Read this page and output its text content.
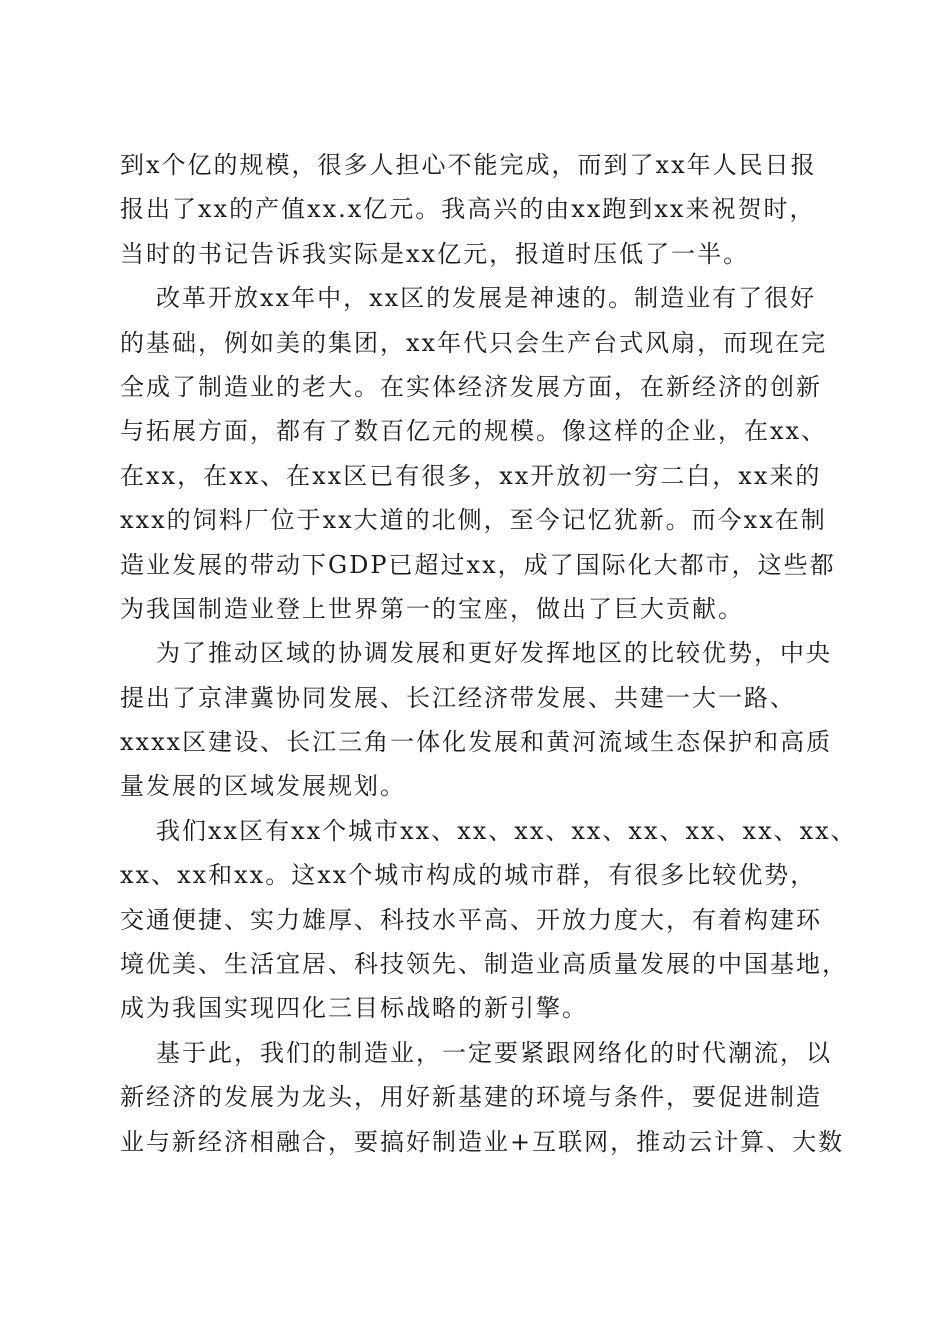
到x个亿的规模，很多人担心不能完成，而到了xx年人民日报
报出了xx的产值xx.x亿元。我高兴的由xx跑到xx来祝贺时，
当时的书记告诉我实际是xx亿元，报道时压低了一半。

改革开放xx年中，xx区的发展是神速的。制造业有了很好
的基础，例如美的集团，xx年代只会生产台式风扇，而现在完
全成了制造业的老大。在实体经济发展方面，在新经济的创新
与拓展方面，都有了数百亿元的规模。像这样的企业，在xx、
在xx，在xx、在xx区已有很多，xx开放初一穷二白，xx来的
xxx的饲料厂位于xx大道的北侧，至今记忆犹新。而今xx在制
造业发展的带动下GDP已超过xx，成了国际化大都市，这些都
为我国制造业登上世界第一的宝座，做出了巨大贡献。

为了推动区域的协调发展和更好发挥地区的比较优势，中央
提出了京津冀协同发展、长江经济带发展、共建一大一路、
xxxx区建设、长江三角一体化发展和黄河流域生态保护和高质
量发展的区域发展规划。

我们xx区有xx个城市xx、xx、xx、xx、xx、xx、xx、xx、
xx、xx和xx。这xx个城市构成的城市群，有很多比较优势，
交通便捷、实力雄厚、科技水平高、开放力度大，有着构建环
境优美、生活宜居、科技领先、制造业高质量发展的中国基地，
成为我国实现四化三目标战略的新引擎。

基于此，我们的制造业，一定要紧跟网络化的时代潮流，以
新经济的发展为龙头，用好新基建的环境与条件，要促进制造
业与新经济相融合，要搞好制造业+互联网，推动云计算、大数
